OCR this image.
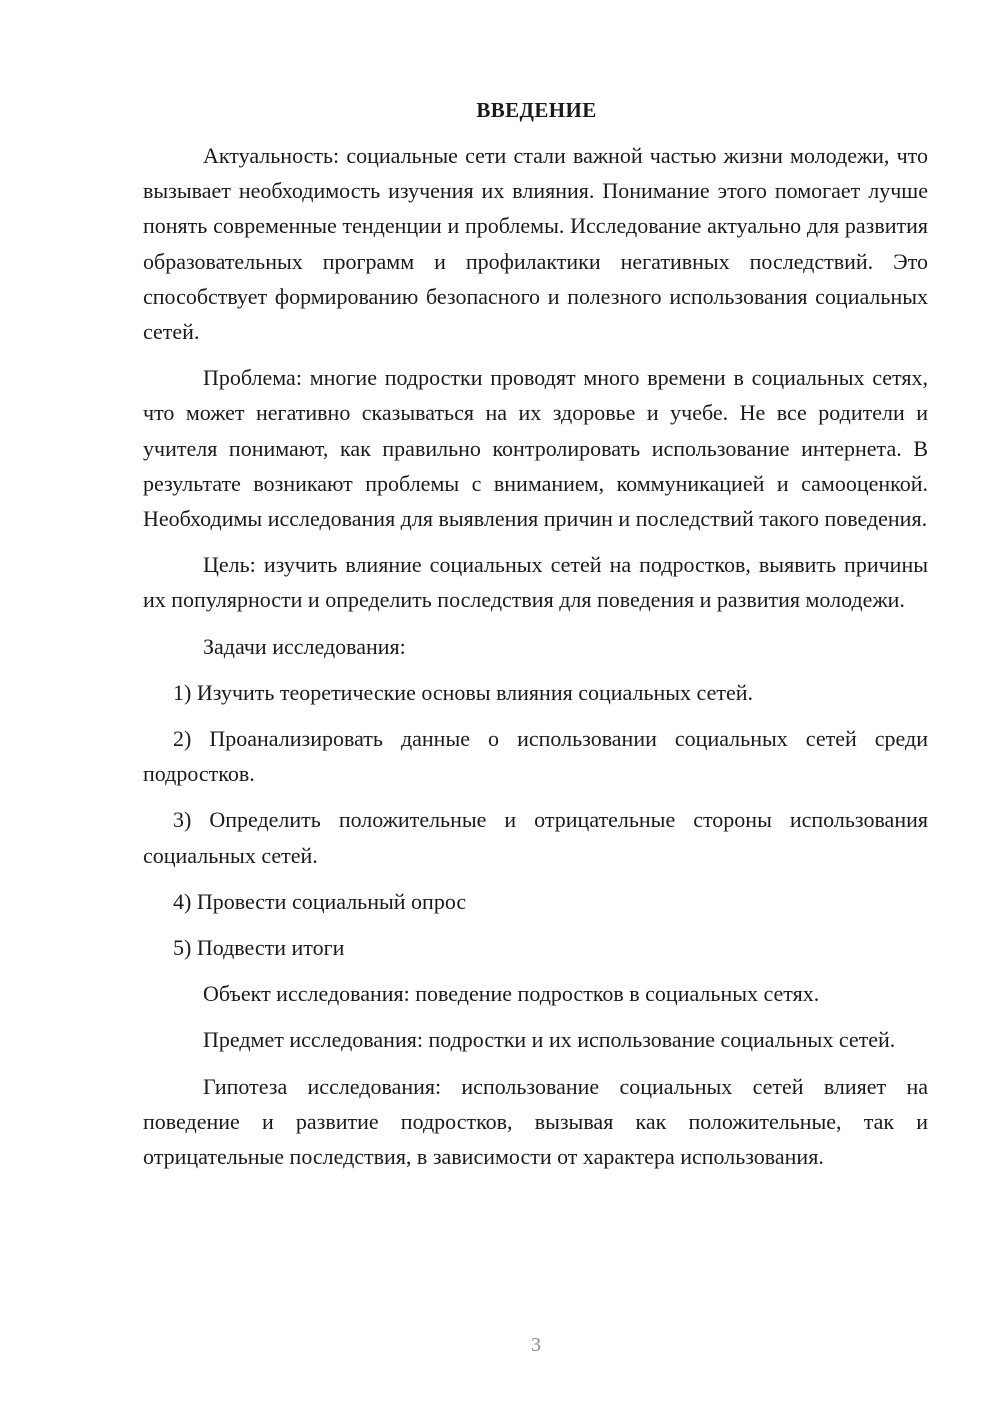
ВВЕДЕНИЕ

Актуальность: социальные сети стали важной частью жизни молодежи, что вызывает необходимость изучения их влияния. Понимание этого помогает лучше понять современные тенденции и проблемы. Исследование актуально для развития образовательных программ и профилактики негативных последствий. Это способствует формированию безопасного и полезного использования социальных сетей.

Проблема: многие подростки проводят много времени в социальных сетях, что может негативно сказываться на их здоровье и учебе. Не все родители и учителя понимают, как правильно контролировать использование интернета. В результате возникают проблемы с вниманием, коммуникацией и самооценкой. Необходимы исследования для выявления причин и последствий такого поведения.

Цель: изучить влияние социальных сетей на подростков, выявить причины их популярности и определить последствия для поведения и развития молодежи.

Задачи исследования:

1) Изучить теоретические основы влияния социальных сетей.

2) Проанализировать данные о использовании социальных сетей среди подростков.

3) Определить положительные и отрицательные стороны использования социальных сетей.

4) Провести социальный опрос

5) Подвести итоги

Объект исследования: поведение подростков в социальных сетях.

Предмет исследования: подростки и их использование социальных сетей.

Гипотеза исследования: использование социальных сетей влияет на поведение и развитие подростков, вызывая как положительные, так и отрицательные последствия, в зависимости от характера использования.

3
